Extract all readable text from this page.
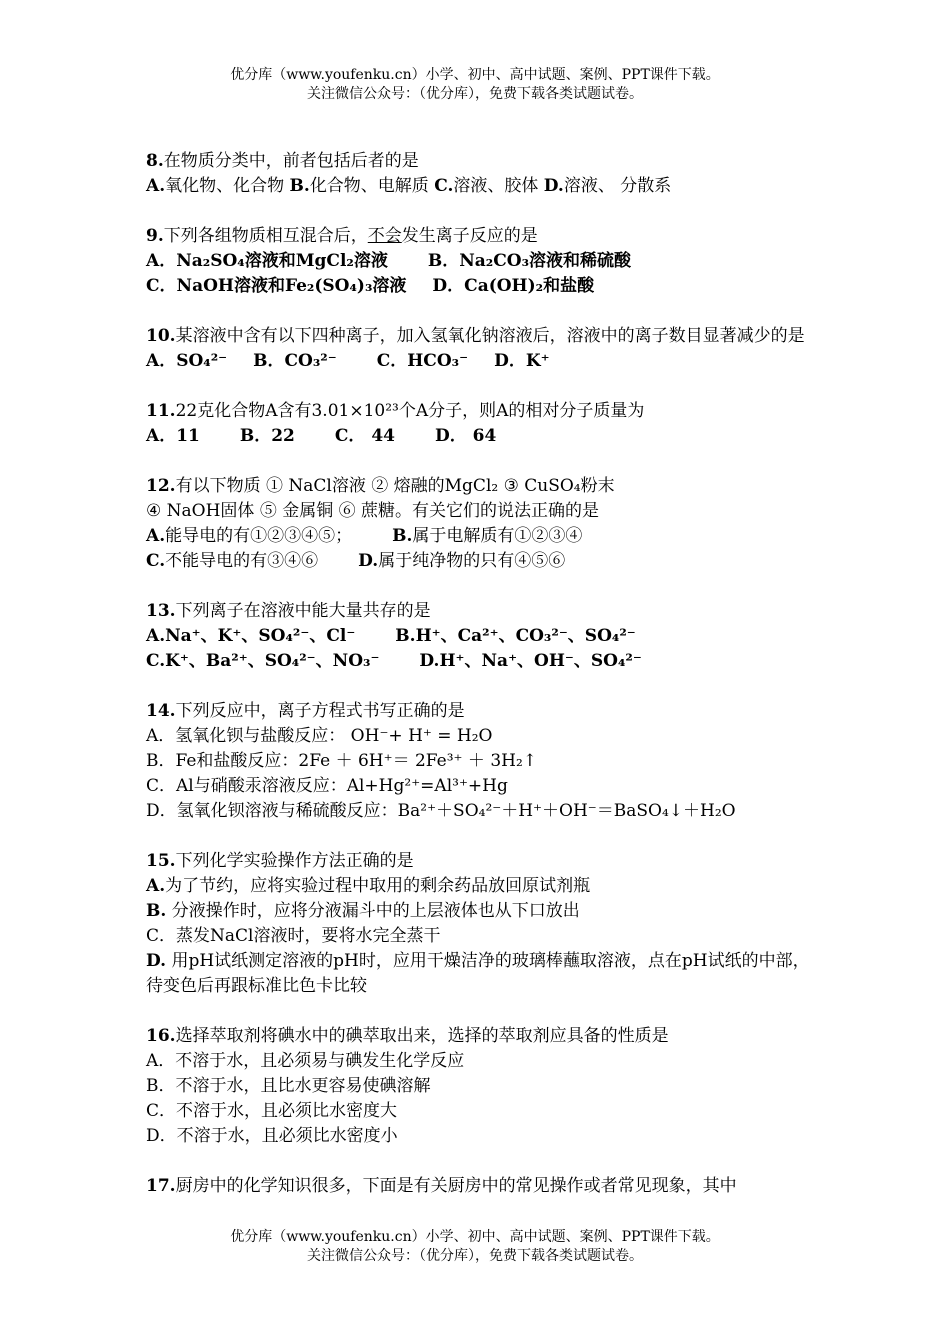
优分库（www.youfenku.cn）小学、初中、高中试题、案例、PPT课件下载。
关注微信公众号：（优分库），免费下载各类试题试卷。
8.在物质分类中，前者包括后者的是
A.氧化物、化合物 B.化合物、电解质 C.溶液、胶体 D.溶液、 分散系
9.下列各组物质相互混合后，不会发生离子反应的是
A．Na₂SO₄溶液和MgCl₂溶液 B．Na₂CO₃溶液和稀硫酸
C．NaOH溶液和Fe₂(SO₄)₃溶液 D．Ca(OH)₂和盐酸
10.某溶液中含有以下四种离子，加入氢氧化钠溶液后，溶液中的离子数目显著减少的是
A．SO₄²⁻ B．CO₃²⁻ C．HCO₃⁻ D．K⁺
11.22克化合物A含有3.01×10²³个A分子，则A的相对分子质量为
A．11 B．22 C． 44 D． 64
12.有以下物质 ① NaCl溶液 ② 熔融的MgCl₂ ③ CuSO₄粉末
④ NaOH固体 ⑤ 金属铜 ⑥ 蔗糖。有关它们的说法正确的是
A.能导电的有①②③④⑤； B.属于电解质有①②③④
C.不能导电的有③④⑥ D.属于纯净物的只有④⑤⑥
13.下列离子在溶液中能大量共存的是
A.Na⁺、K⁺、SO₄²⁻、Cl⁻ B.H⁺、Ca²⁺、CO₃²⁻、SO₄²⁻
C.K⁺、Ba²⁺、SO₄²⁻、NO₃⁻ D.H⁺、Na⁺、OH⁻、SO₄²⁻
14.下列反应中，离子方程式书写正确的是
A．氢氧化钡与盐酸反应： OH⁻+ H⁺ = H₂O
B．Fe和盐酸反应：2Fe ＋ 6H⁺＝ 2Fe³⁺ ＋ 3H₂↑
C．Al与硝酸汞溶液反应：Al+Hg²⁺=Al³⁺+Hg
D．氢氧化钡溶液与稀硫酸反应：Ba²⁺＋SO₄²⁻＋H⁺＋OH⁻＝BaSO₄↓＋H₂O
15.下列化学实验操作方法正确的是
A.为了节约，应将实验过程中取用的剩余药品放回原试剂瓶
B. 分液操作时，应将分液漏斗中的上层液体也从下口放出
C．蒸发NaCl溶液时，要将水完全蒸干
D. 用pH试纸测定溶液的pH时，应用干燥洁净的玻璃棒蘸取溶液，点在pH试纸的中部，待变色后再跟标准比色卡比较
16.选择萃取剂将碘水中的碘萃取出来，选择的萃取剂应具备的性质是
A．不溶于水，且必须易与碘发生化学反应
B．不溶于水，且比水更容易使碘溶解
C．不溶于水，且必须比水密度大
D．不溶于水，且必须比水密度小
17.厨房中的化学知识很多，下面是有关厨房中的常见操作或者常见现象，其中
优分库（www.youfenku.cn）小学、初中、高中试题、案例、PPT课件下载。
关注微信公众号：（优分库），免费下载各类试题试卷。
